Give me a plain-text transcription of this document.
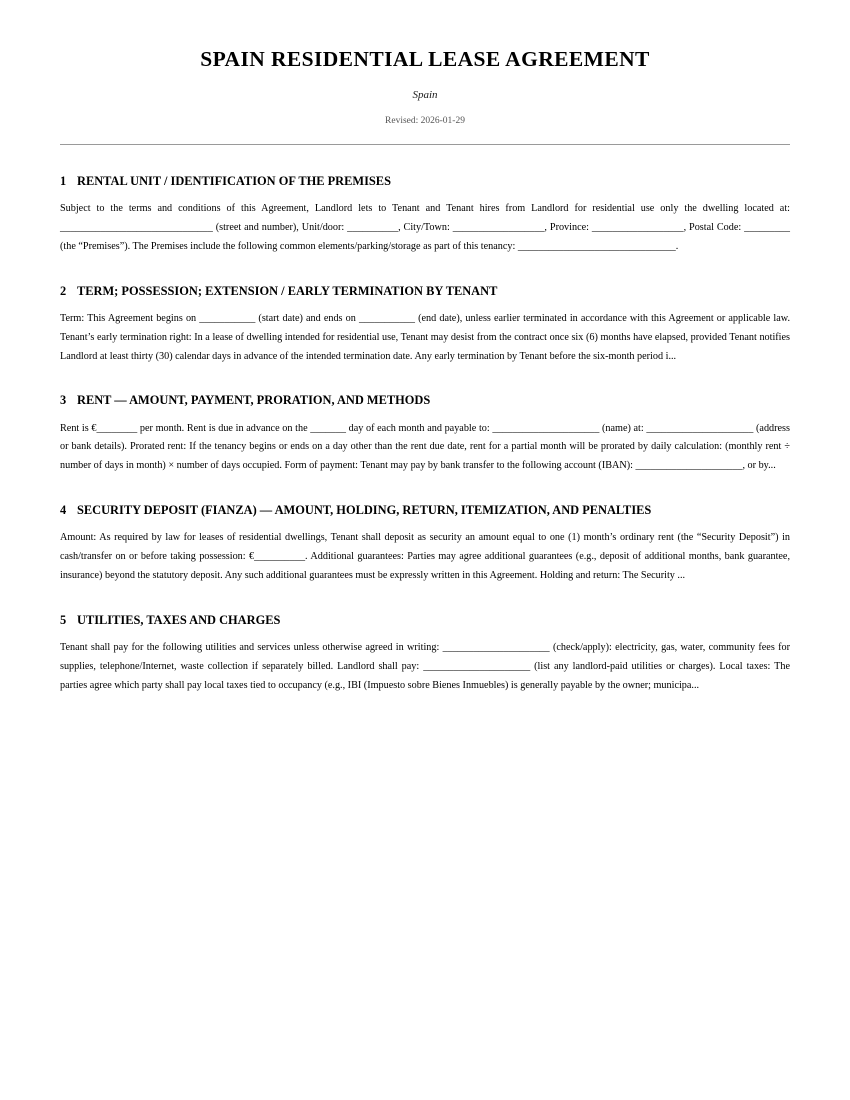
SPAIN RESIDENTIAL LEASE AGREEMENT
Spain
Revised: 2026-01-29
1 RENTAL UNIT / IDENTIFICATION OF THE PREMISES

Subject to the terms and conditions of this Agreement, Landlord lets to Tenant and Tenant hires from Landlord for residential use only the dwelling located at: ______________________________ (street and number), Unit/door: __________, City/Town: __________________, Province: __________________, Postal Code: _________ (the “Premises”). The Premises include the following common elements/parking/storage as part of this tenancy: _______________________________.

2 TERM; POSSESSION; EXTENSION / EARLY TERMINATION BY TENANT

Term: This Agreement begins on ___________ (start date) and ends on ___________ (end date), unless earlier terminated in accordance with this Agreement or applicable law. Tenant’s early termination right: In a lease of dwelling intended for residential use, Tenant may desist from the contract once six (6) months have elapsed, provided Tenant notifies Landlord at least thirty (30) calendar days in advance of the intended termination date. Any early termination by Tenant before the six-month period i...

3 RENT — AMOUNT, PAYMENT, PRORATION, AND METHODS

Rent is €________ per month. Rent is due in advance on the _______ day of each month and payable to: _____________________ (name) at: _____________________ (address or bank details). Prorated rent: If the tenancy begins or ends on a day other than the rent due date, rent for a partial month will be prorated by daily calculation: (monthly rent ÷ number of days in month) × number of days occupied. Form of payment: Tenant may pay by bank transfer to the following account (IBAN): _____________________, or by...

4 SECURITY DEPOSIT (FIANZA) — AMOUNT, HOLDING, RETURN, ITEMIZATION, AND PENALTIES

Amount: As required by law for leases of residential dwellings, Tenant shall deposit as security an amount equal to one (1) month’s ordinary rent (the “Security Deposit”) in cash/transfer on or before taking possession: €__________. Additional guarantees: Parties may agree additional guarantees (e.g., deposit of additional months, bank guarantee, insurance) beyond the statutory deposit. Any such additional guarantees must be expressly written in this Agreement. Holding and return: The Security ...

5 UTILITIES, TAXES AND CHARGES

Tenant shall pay for the following utilities and services unless otherwise agreed in writing: _____________________ (check/apply): electricity, gas, water, community fees for supplies, telephone/Internet, waste collection if separately billed. Landlord shall pay: _____________________ (list any landlord-paid utilities or charges). Local taxes: The parties agree which party shall pay local taxes tied to occupancy (e.g., IBI (Impuesto sobre Bienes Inmuebles) is generally payable by the owner; municipa...
